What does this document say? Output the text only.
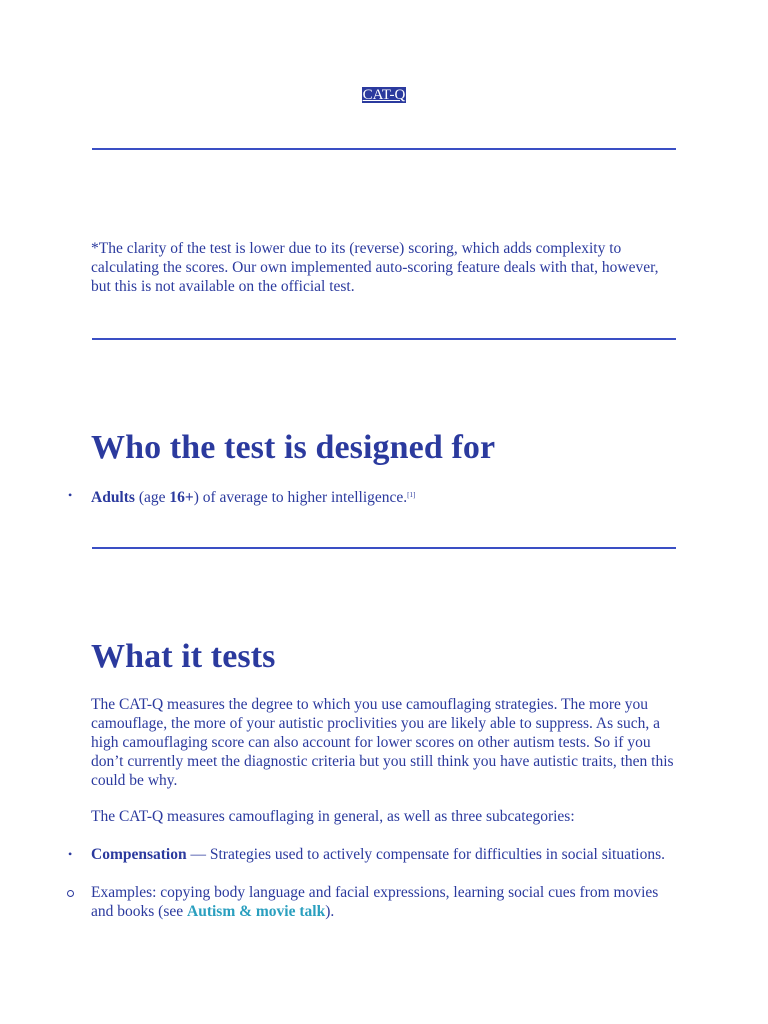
CAT-Q

*The clarity of the test is lower due to its (reverse) scoring, which adds complexity to calculating the scores. Our own implemented auto-scoring feature deals with that, however, but this is not available on the official test.

Who the test is designed for
• Adults (age 16+) of average to higher intelligence.[1]

What it tests

The CAT-Q measures the degree to which you use camouflaging strategies. The more you camouflage, the more of your autistic proclivities you are likely able to suppress. As such, a high camouflaging score can also account for lower scores on other autism tests. So if you don’t currently meet the diagnostic criteria but you still think you have autistic traits, then this could be why.

The CAT-Q measures camouflaging in general, as well as three subcategories:

• Compensation — Strategies used to actively compensate for difficulties in social situations.

Examples: copying body language and facial expressions, learning social cues from movies and books (see Autism & movie talk).
